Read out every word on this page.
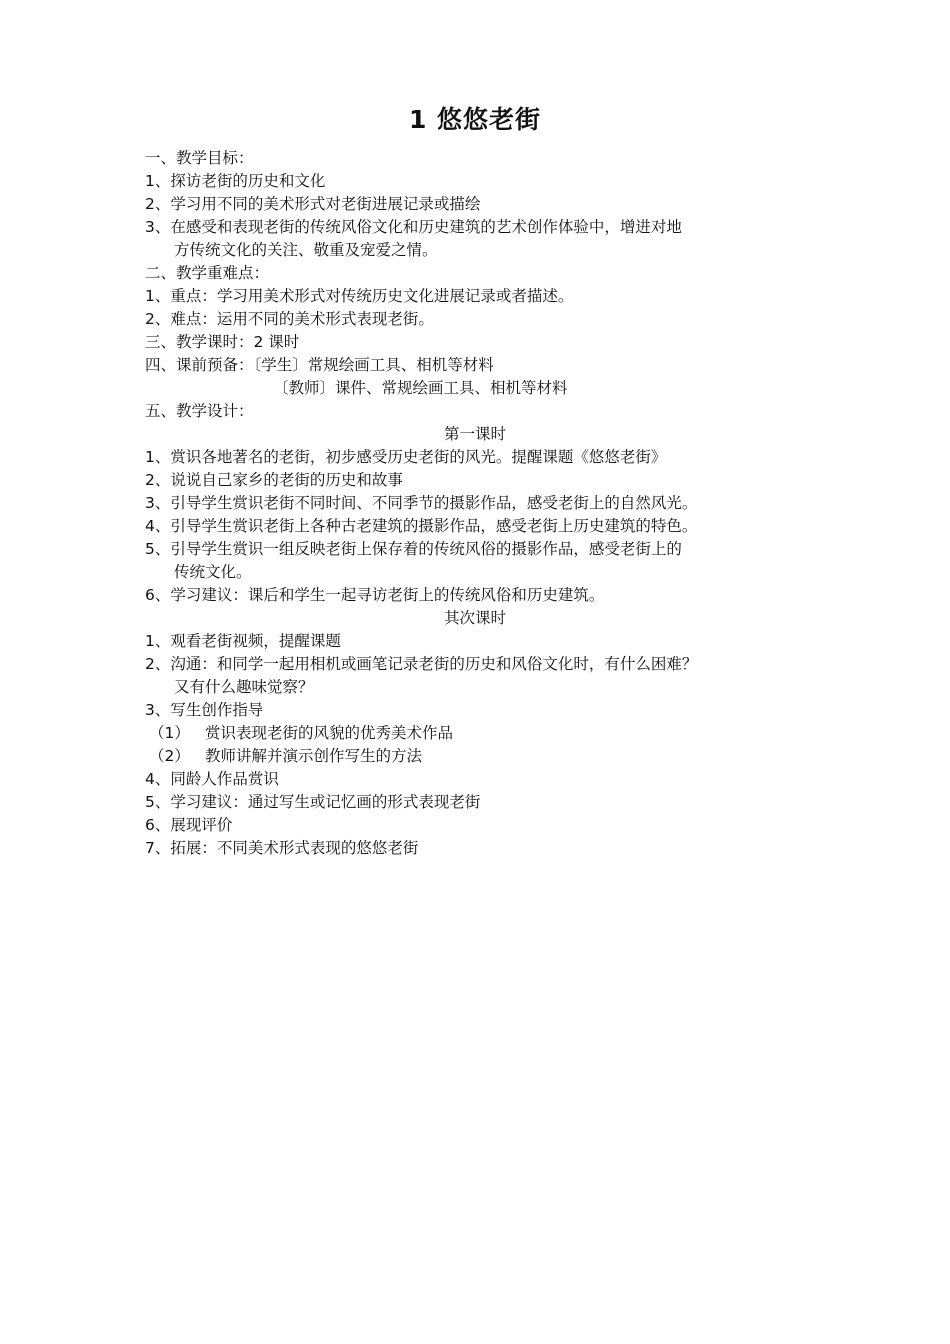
1 悠悠老街
一、教学目标：
1、探访老街的历史和文化
2、学习用不同的美术形式对老街进展记录或描绘
3、在感受和表现老街的传统风俗文化和历史建筑的艺术创作体验中，增进对地
方传统文化的关注、敬重及宠爱之情。
二、教学重难点：
1、重点：学习用美术形式对传统历史文化进展记录或者描述。
2、难点：运用不同的美术形式表现老街。
三、教学课时：2 课时
四、课前预备：〔学生〕常规绘画工具、相机等材料
〔教师〕课件、常规绘画工具、相机等材料
五、教学设计：
第一课时
1、赏识各地著名的老街，初步感受历史老街的风光。提醒课题《悠悠老街》
2、说说自己家乡的老街的历史和故事
3、引导学生赏识老街不同时间、不同季节的摄影作品，感受老街上的自然风光。
4、引导学生赏识老街上各种古老建筑的摄影作品，感受老街上历史建筑的特色。
5、引导学生赏识一组反映老街上保存着的传统风俗的摄影作品，感受老街上的
传统文化。
6、学习建议：课后和学生一起寻访老街上的传统风俗和历史建筑。
其次课时
1、观看老街视频，提醒课题
2、沟通：和同学一起用相机或画笔记录老街的历史和风俗文化时，有什么困难？
又有什么趣味觉察？
3、写生创作指导
（1） 赏识表现老街的风貌的优秀美术作品
（2） 教师讲解并演示创作写生的方法
4、同龄人作品赏识
5、学习建议：通过写生或记忆画的形式表现老街
6、展现评价
7、拓展：不同美术形式表现的悠悠老街
